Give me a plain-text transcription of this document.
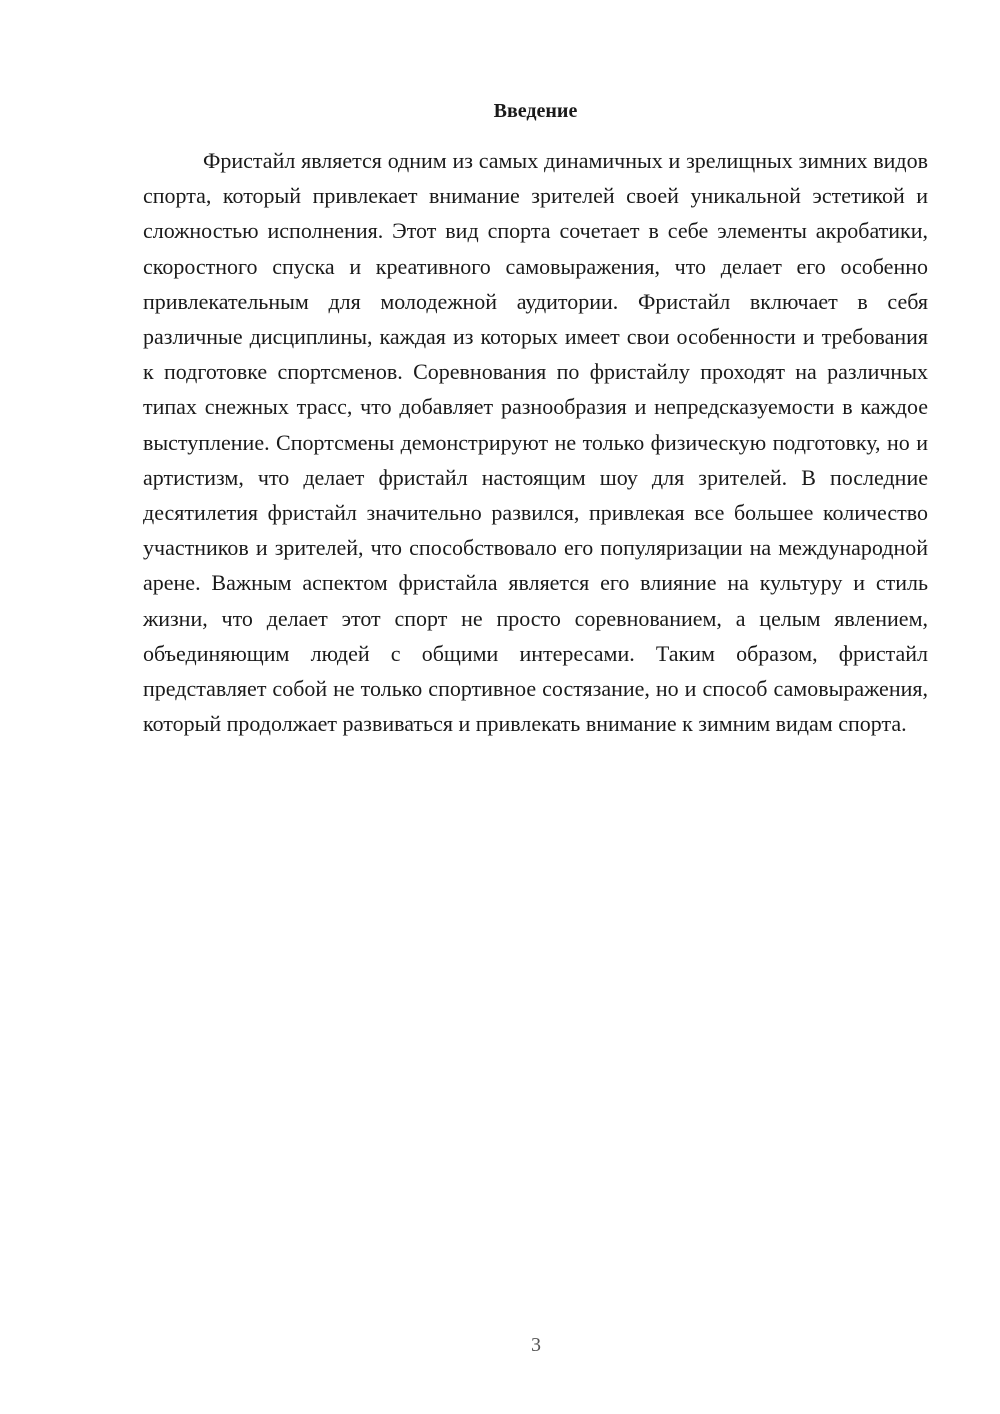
Введение

Фристайл является одним из самых динамичных и зрелищных зимних видов спорта, который привлекает внимание зрителей своей уникальной эстетикой и сложностью исполнения. Этот вид спорта сочетает в себе элементы акробатики, скоростного спуска и креативного самовыражения, что делает его особенно привлекательным для молодежной аудитории. Фристайл включает в себя различные дисциплины, каждая из которых имеет свои особенности и требования к подготовке спортсменов. Соревнования по фристайлу проходят на различных типах снежных трасс, что добавляет разнообразия и непредсказуемости в каждое выступление. Спортсмены демонстрируют не только физическую подготовку, но и артистизм, что делает фристайл настоящим шоу для зрителей. В последние десятилетия фристайл значительно развился, привлекая все большее количество участников и зрителей, что способствовало его популяризации на международной арене. Важным аспектом фристайла является его влияние на культуру и стиль жизни, что делает этот спорт не просто соревнованием, а целым явлением, объединяющим людей с общими интересами. Таким образом, фристайл представляет собой не только спортивное состязание, но и способ самовыражения, который продолжает развиваться и привлекать внимание к зимним видам спорта.

3
